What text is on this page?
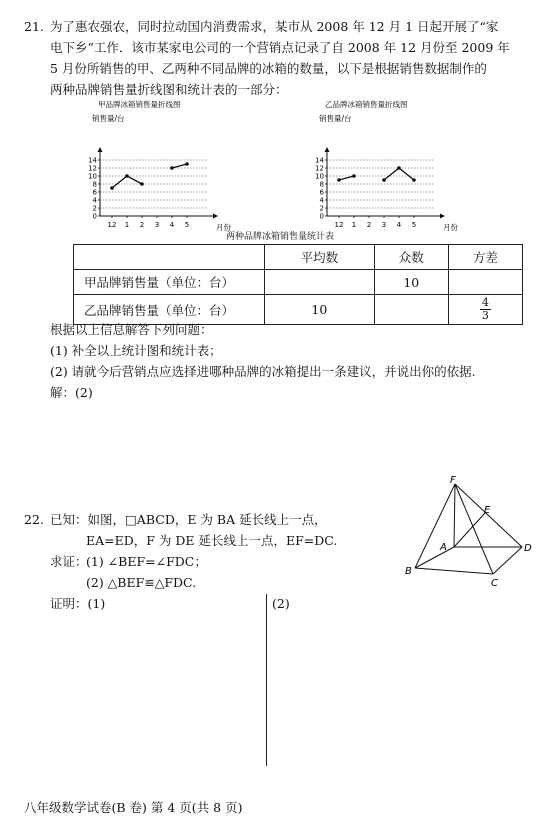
21. 为了惠农强农，同时拉动国内消费需求，某市从 2008 年 12 月 1 日起开展了“家
电下乡”工作．该市某家电公司的一个营销点记录了自 2008 年 12 月份至 2009 年
5 月份所销售的甲、乙两种不同品牌的冰箱的数量，以下是根据销售数据制作的
两种品牌销售量折线图和统计表的一部分：
甲品牌冰箱销售量折线图
销售量/台
0
2
4
6
8
10
12
14
12 1 2 3 4 5	月份
乙品牌冰箱销售量折线图
销售量/台
0
2
4
6
8
10
12
14
12 1 2 3 4 5	月份
两种品牌冰箱销售量统计表
	平均数	众数	方差
甲品牌销售量（单位：台）		10	
乙品牌销售量（单位：台）	10		$\frac{4}{3}$
根据以上信息解答下列问题：
(1) 补全以上统计图和统计表；
(2) 请就今后营销点应选择进哪种品牌的冰箱提出一条建议，并说出你的依据.
解：(2)
22. 已知：如图，□ABCD，E 为 BA 延长线上一点，
EA=ED，F 为 DE 延长线上一点，EF=DC.
求证：
(1) ∠BEF=∠FDC；
(2) △BEF≌△FDC.
证明：(1)	(2)
F
E
A	D
B
C
八年级数学试卷(B 卷) 第 4 页(共 8 页)
